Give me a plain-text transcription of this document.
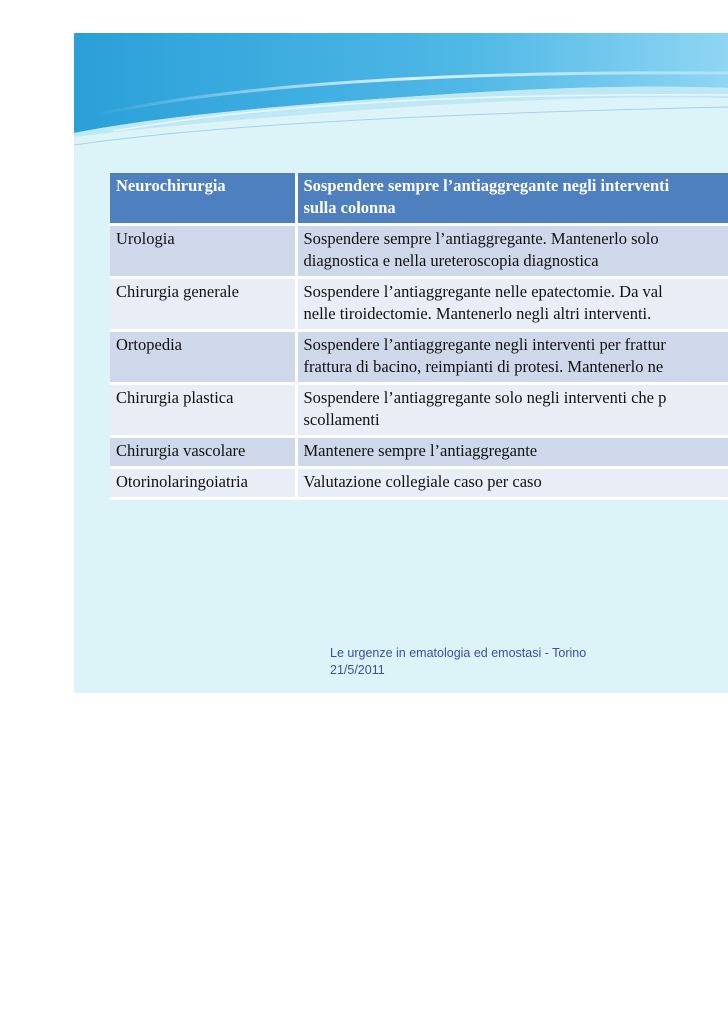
Neurochirurgia	Sospendere sempre l’antiaggregante negli interventi
sulla colonna

Urologia	Sospendere sempre l’antiaggregante. Mantenerlo solo
diagnostica e nella ureteroscopia diagnostica

Chirurgia generale	Sospendere l’antiaggregante nelle epatectomie. Da val
nelle tiroidectomie. Mantenerlo negli altri interventi.

Ortopedia	Sospendere l’antiaggregante negli interventi per frattur
frattura di bacino, reimpianti di protesi. Mantenerlo ne

Chirurgia plastica	Sospendere l’antiaggregante solo negli interventi che p
scollamenti

Chirurgia vascolare	Mantenere sempre l’antiaggregante

Otorinolaringoiatria	Valutazione collegiale caso per caso
Le urgenze in ematologia ed emostasi - Torino
21/5/2011
